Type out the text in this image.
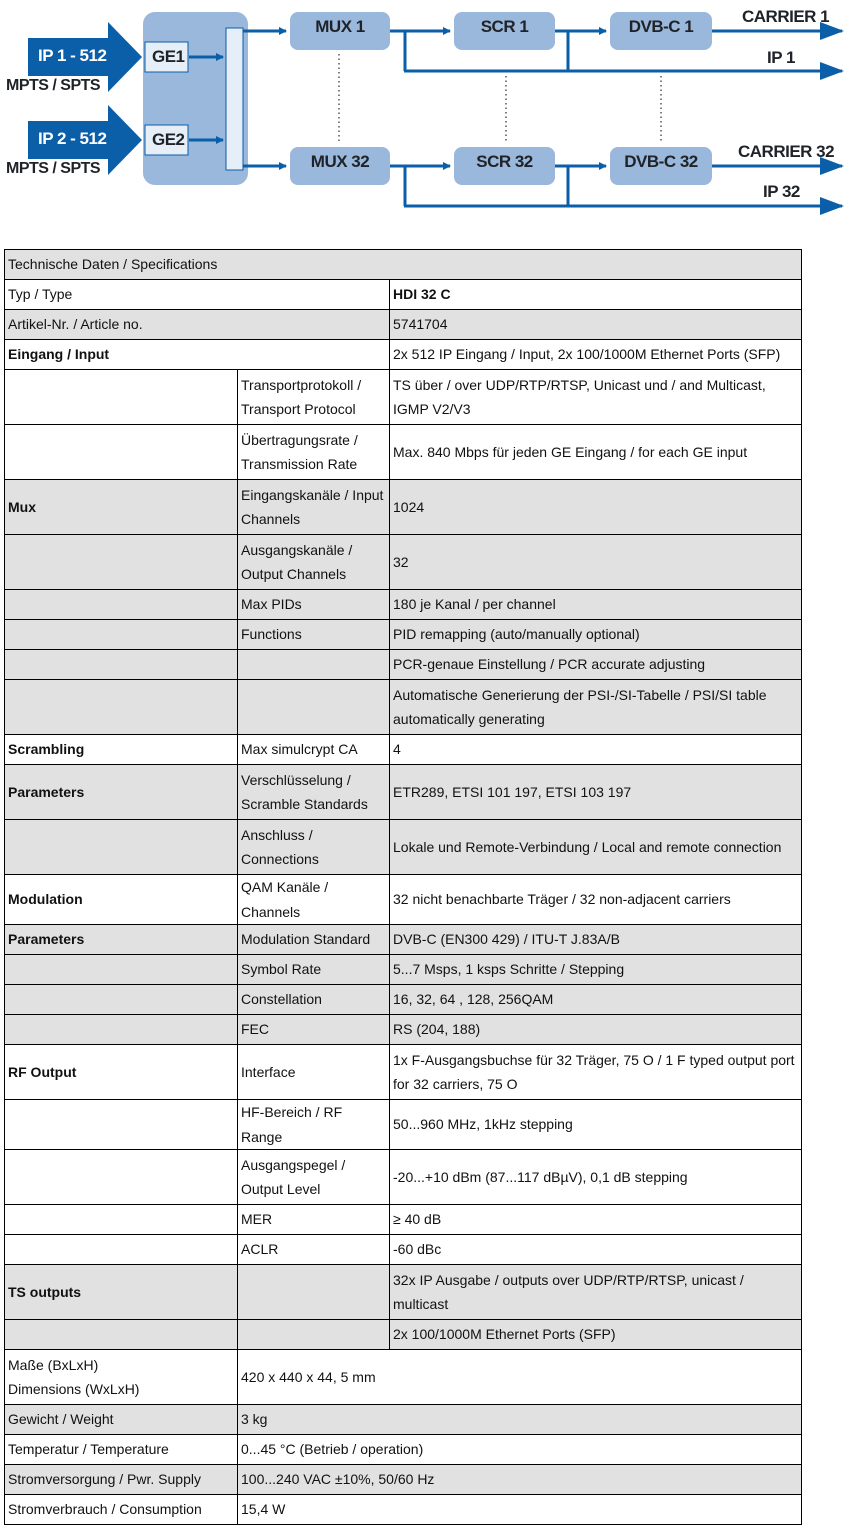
IP 1 - 512
MPTS / SPTS
IP 2 - 512
MPTS / SPTS
GE1
GE2
MUX 1
MUX 32
SCR 1
SCR 32
DVB-C 1
DVB-C 32
CARRIER 1
IP 1
CARRIER 32
IP 32
Technische Daten / Specifications		
Typ / Type		HDI 32 C
Artikel-Nr. / Article no.		5741704
Eingang / Input		2x 512 IP Eingang / Input, 2x 100/1000M Ethernet Ports (SFP)
	Transportprotokoll / Transport Protocol	TS über / over UDP/RTP/RTSP, Unicast und / and Multicast, IGMP V2/V3
	Übertragungsrate / Transmission Rate	Max. 840 Mbps für jeden GE Eingang / for each GE input
Mux	Eingangskanäle / Input Channels	1024
	Ausgangskanäle / Output Channels	32
	Max PIDs	180 je Kanal / per channel
	Functions	PID remapping (auto/manually optional)
		PCR-genaue Einstellung / PCR accurate adjusting
		Automatische Generierung der PSI-/SI-Tabelle / PSI/SI table automatically generating
Scrambling	Max simulcrypt CA	4
Parameters	Verschlüsselung / Scramble Standards	ETR289, ETSI 101 197, ETSI 103 197
	Anschluss / Connections	Lokale und Remote-Verbindung / Local and remote connection
Modulation	QAM Kanäle / Channels	32 nicht benachbarte Träger / 32 non-adjacent carriers
Parameters	Modulation Standard	DVB-C (EN300 429) / ITU-T J.83A/B
	Symbol Rate	5...7 Msps, 1 ksps Schritte / Stepping
	Constellation	16, 32, 64 , 128, 256QAM
	FEC	RS (204, 188)
RF Output	Interface	1x F-Ausgangsbuchse für 32 Träger, 75 O / 1 F typed output port for 32 carriers, 75 O
	HF-Bereich / RF Range	50...960 MHz, 1kHz stepping
	Ausgangspegel / Output Level	-20...+10 dBm (87...117 dBµV), 0,1 dB stepping
	MER	≥ 40 dB
	ACLR	-60 dBc
TS outputs		32x IP Ausgabe / outputs over UDP/RTP/RTSP, unicast / multicast
		2x 100/1000M Ethernet Ports (SFP)
Maße (BxLxH)
Dimensions (WxLxH)	420 x 440 x 44, 5 mm	
Gewicht / Weight	3 kg	
Temperatur / Temperature	0...45 °C (Betrieb / operation)	
Stromversorgung / Pwr. Supply	100...240 VAC ±10%, 50/60 Hz	
Stromverbrauch / Consumption	15,4 W	
